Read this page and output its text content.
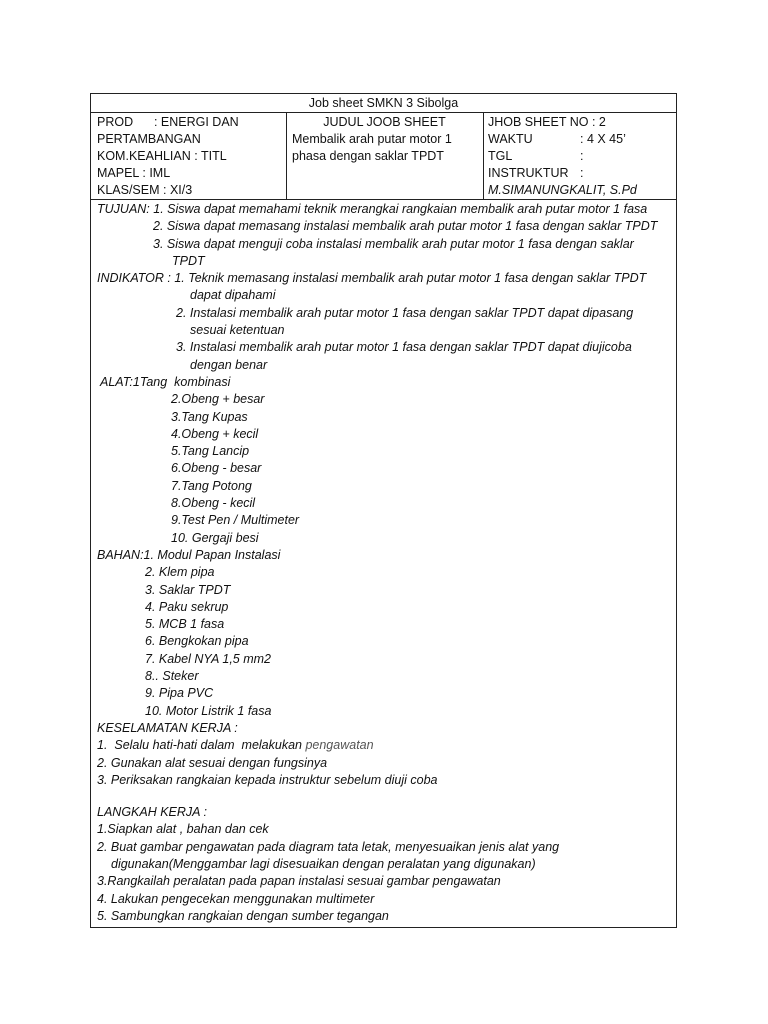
Job sheet SMKN 3 Sibolga
PROD      : ENERGI DAN
PERTAMBANGAN
KOM.KEAHLIAN : TITL
MAPEL : IML
KLAS/SEM : XI/3
JUDUL JOOB SHEET
Membalik arah putar motor 1
phasa dengan saklar TPDT
JHOB SHEET NO : 2
WAKTU	: 4 X 45’
TGL	:
INSTRUKTUR :
M.SIMANUNGKALIT, S.Pd
TUJUAN: 1. Siswa dapat memahami teknik merangkai rangkaian membalik arah putar motor 1 fasa
2. Siswa dapat memasang instalasi membalik arah putar motor 1 fasa dengan saklar TPDT
3. Siswa dapat menguji coba instalasi membalik arah putar motor 1 fasa dengan saklar
TPDT
INDIKATOR : 1. Teknik memasang instalasi membalik arah putar motor 1 fasa dengan saklar TPDT
dapat dipahami
2. Instalasi membalik arah putar motor 1 fasa dengan saklar TPDT dapat dipasang
sesuai ketentuan
3. Instalasi membalik arah putar motor 1 fasa dengan saklar TPDT dapat diujicoba
dengan benar
ALAT:1Tang  kombinasi
2.Obeng + besar
3.Tang Kupas
4.Obeng + kecil
5.Tang Lancip
6.Obeng - besar
7.Tang Potong
8.Obeng - kecil
9.Test Pen / Multimeter
10. Gergaji besi
BAHAN:1. Modul Papan Instalasi
2. Klem pipa
3. Saklar TPDT
4. Paku sekrup
5. MCB 1 fasa
6. Bengkokan pipa
7. Kabel NYA 1,5 mm2
8.. Steker
9. Pipa PVC
10. Motor Listrik 1 fasa
KESELAMATAN KERJA :
1.  Selalu hati-hati dalam  melakukan pengawatan
2. Gunakan alat sesuai dengan fungsinya
3. Periksakan rangkaian kepada instruktur sebelum diuji coba
LANGKAH KERJA :
1.Siapkan alat , bahan dan cek
2. Buat gambar pengawatan pada diagram tata letak, menyesuaikan jenis alat yang
digunakan(Menggambar lagi disesuaikan dengan peralatan yang digunakan)
3.Rangkailah peralatan pada papan instalasi sesuai gambar pengawatan
4. Lakukan pengecekan menggunakan multimeter
5. Sambungkan rangkaian dengan sumber tegangan
